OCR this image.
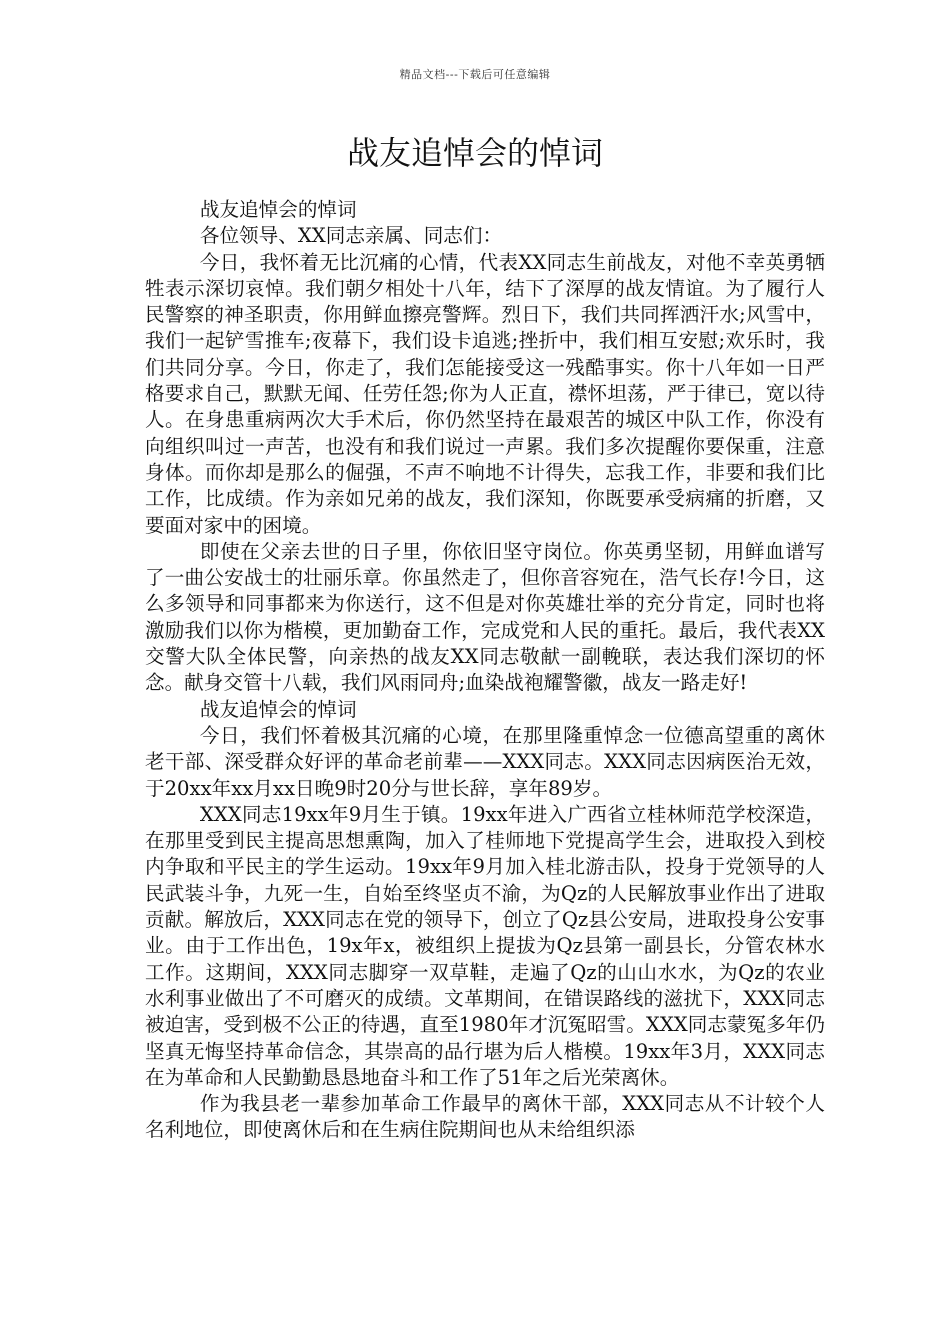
精品文档---下载后可任意编辑
战友追悼会的悼词

战友追悼会的悼词

各位领导、XX同志亲属、同志们：

今日，我怀着无比沉痛的心情，代表XX同志生前战友，对他不幸英勇牺牲表示深切哀悼。我们朝夕相处十八年，结下了深厚的战友情谊。为了履行人民警察的神圣职责，你用鲜血擦亮警辉。烈日下，我们共同挥洒汗水;风雪中，我们一起铲雪推车;夜幕下，我们设卡追逃;挫折中，我们相互安慰;欢乐时，我们共同分享。今日，你走了，我们怎能接受这一残酷事实。你十八年如一日严格要求自己，默默无闻、任劳任怨;你为人正直，襟怀坦荡，严于律已，宽以待人。在身患重病两次大手术后，你仍然坚持在最艰苦的城区中队工作，你没有向组织叫过一声苦，也没有和我们说过一声累。我们多次提醒你要保重，注意身体。而你却是那么的倔强，不声不响地不计得失，忘我工作，非要和我们比工作，比成绩。作为亲如兄弟的战友，我们深知，你既要承受病痛的折磨，又要面对家中的困境。

即使在父亲去世的日子里，你依旧坚守岗位。你英勇坚韧，用鲜血谱写了一曲公安战士的壮丽乐章。你虽然走了，但你音容宛在，浩气长存!今日，这么多领导和同事都来为你送行，这不但是对你英雄壮举的充分肯定，同时也将激励我们以你为楷模，更加勤奋工作，完成党和人民的重托。最后，我代表XX交警大队全体民警，向亲热的战友XX同志敬献一副輓联，表达我们深切的怀念。献身交管十八载，我们风雨同舟;血染战袍耀警徽，战友一路走好!

战友追悼会的悼词

今日，我们怀着极其沉痛的心境，在那里隆重悼念一位德高望重的离休老干部、深受群众好评的革命老前辈——XXX同志。XXX同志因病医治无效，于20xx年xx月xx日晚9时20分与世长辞，享年89岁。

XXX同志19xx年9月生于镇。19xx年进入广西省立桂林师范学校深造，在那里受到民主提高思想熏陶，加入了桂师地下党提高学生会，进取投入到校内争取和平民主的学生运动。19xx年9月加入桂北游击队，投身于党领导的人民武装斗争，九死一生，自始至终坚贞不渝，为Qz的人民解放事业作出了进取贡献。解放后，XXX同志在党的领导下，创立了Qz县公安局，进取投身公安事业。由于工作出色，19x年x，被组织上提拔为Qz县第一副县长，分管农林水工作。这期间，XXX同志脚穿一双草鞋，走遍了Qz的山山水水，为Qz的农业水利事业做出了不可磨灭的成绩。文革期间，在错误路线的滋扰下，XXX同志被迫害，受到极不公正的待遇，直至1980年才沉冤昭雪。XXX同志蒙冤多年仍坚真无悔坚持革命信念，其崇高的品行堪为后人楷模。19xx年3月，XXX同志在为革命和人民勤勤恳恳地奋斗和工作了51年之后光荣离休。

作为我县老一辈参加革命工作最早的离休干部，XXX同志从不计较个人名利地位，即使离休后和在生病住院期间也从未给组织添
